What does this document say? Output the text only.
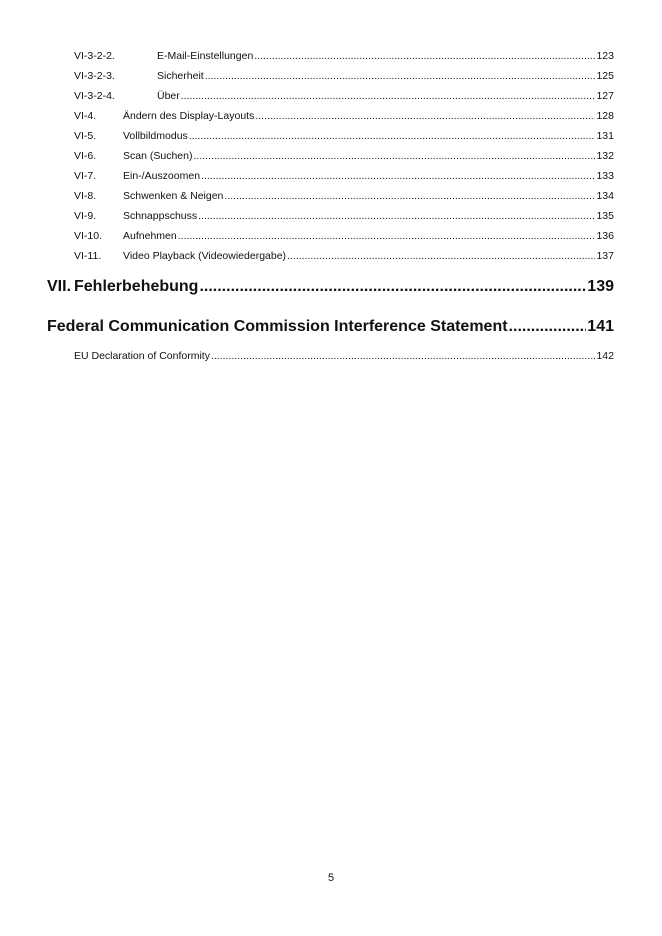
VI-3-2-2.	E-Mail-Einstellungen .....	123
VI-3-2-3.	Sicherheit .....	125
VI-3-2-4.	Über .....	127
VI-4.	Ändern des Display-Layouts .....	128
VI-5.	Vollbildmodus .....	131
VI-6.	Scan (Suchen) .....	132
VI-7.	Ein-/Auszoomen .....	133
VI-8.	Schwenken & Neigen .....	134
VI-9.	Schnappschuss .....	135
VI-10.	Aufnehmen .....	136
VI-11.	Video Playback (Videowiedergabe) .....	137
VII. Fehlerbehebung .....	139
Federal Communication Commission Interference Statement .....	141
EU Declaration of Conformity .....	142
5
